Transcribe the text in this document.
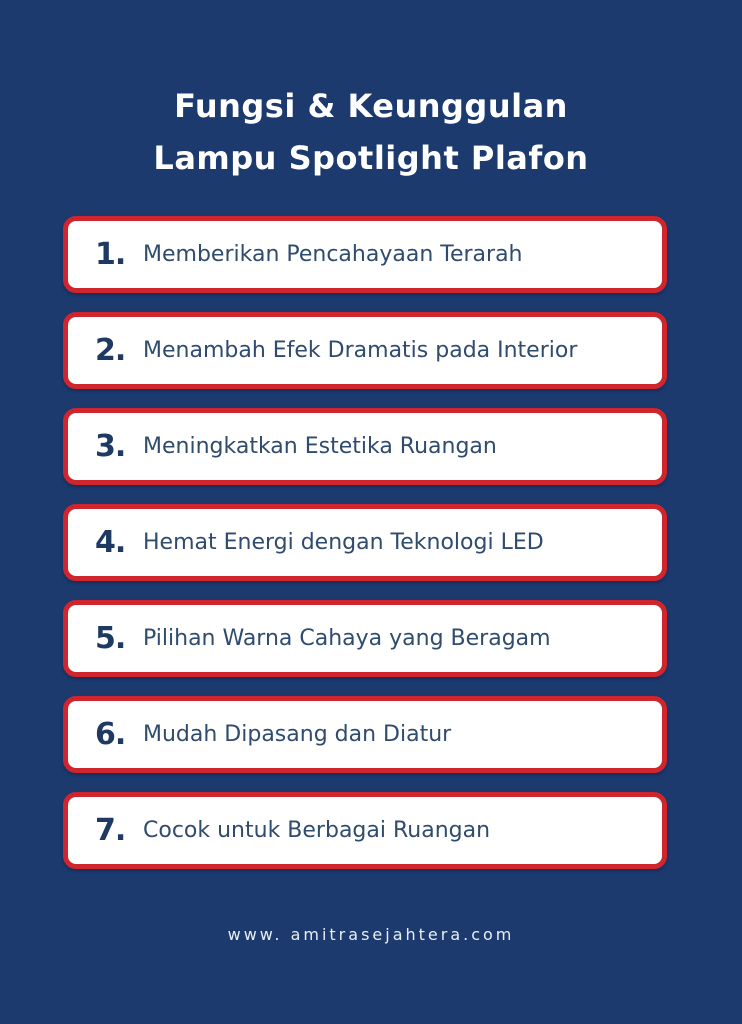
Fungsi & Keunggulan
Lampu Spotlight Plafon
1. Memberikan Pencahayaan Terarah
2. Menambah Efek Dramatis pada Interior
3. Meningkatkan Estetika Ruangan
4. Hemat Energi dengan Teknologi LED
5. Pilihan Warna Cahaya yang Beragam
6. Mudah Dipasang dan Diatur
7. Cocok untuk Berbagai Ruangan
www. amitrasejahtera.com
